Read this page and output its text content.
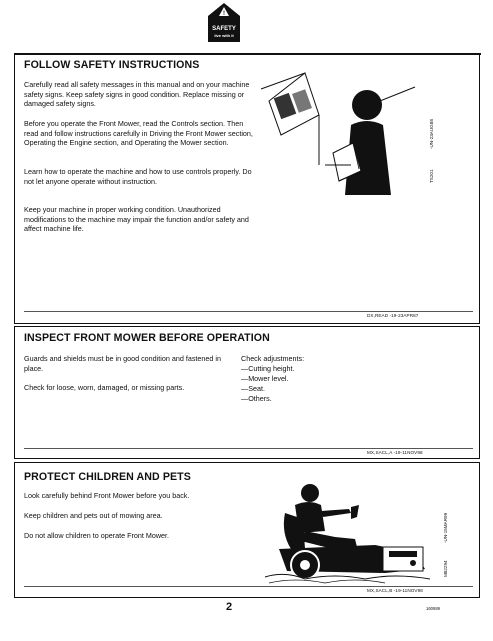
!
SAFETY
live with it
FOLLOW SAFETY INSTRUCTIONS

Carefully read all safety messages in this manual and on your machine safety signs. Keep safety signs in good condition. Replace missing or damaged safety signs.

Before you operate the Front Mower, read the Controls section. Then read and follow instructions carefully in Driving the Front Mower section, Operating the Engine section, and Operating the Mower section.

Learn how to operate the machine and how to use controls properly. Do not let anyone operate without instruction.

Keep your machine in proper working condition. Unauthorized modifications to the machine may impair the function and/or safety and affect machine life.

-UN-23AUG88
TS201
DX,READ -19-23APR87
INSPECT FRONT MOWER BEFORE OPERATION

Guards and shields must be in good condition and fastened in place.

Check for loose, worn, damaged, or missing parts.

Check adjustments:

—Cutting height.

—Mower level.

—Seat.

—Others.

MX,SACL,A -19-11NOV98
PROTECT CHILDREN AND PETS

Look carefully behind Front Mower before you back.

Keep children and pets out of mowing area.

Do not allow children to operate Front Mower.	-UN-15MAR99
M82294
MX,SACL,B -19-11NOV98
2	160689
